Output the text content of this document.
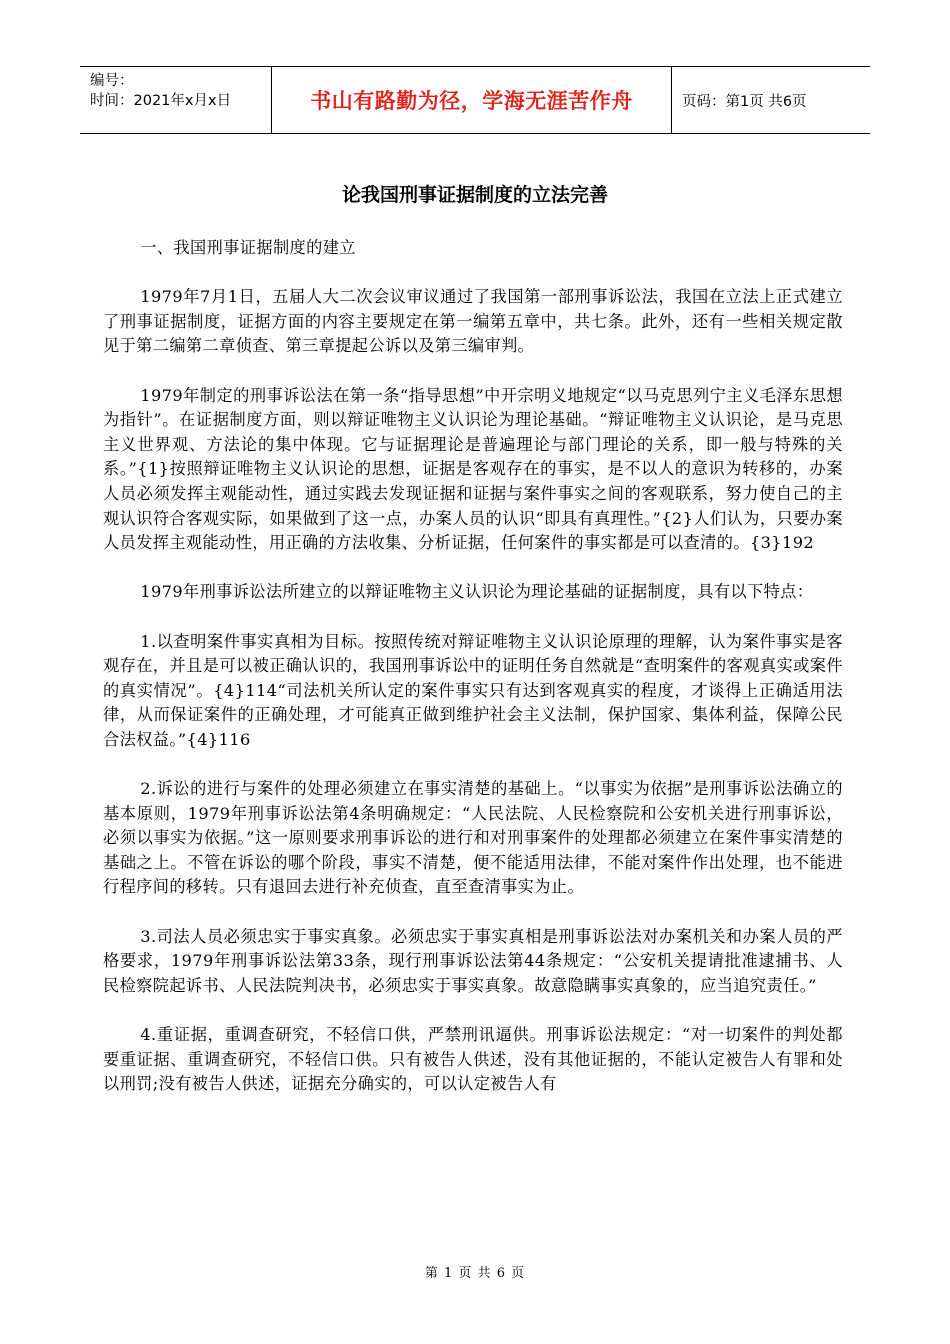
编号：
时间：2021年x月x日	书山有路勤为径，学海无涯苦作舟	页码：第1页 共6页
论我国刑事证据制度的立法完善

一、我国刑事证据制度的建立

1979年7月1日，五届人大二次会议审议通过了我国第一部刑事诉讼法，我国在立法上正式建立了刑事证据制度，证据方面的内容主要规定在第一编第五章中，共七条。此外，还有一些相关规定散见于第二编第二章侦查、第三章提起公诉以及第三编审判。

1979年制定的刑事诉讼法在第一条“指导思想”中开宗明义地规定“以马克思列宁主义毛泽东思想为指针”。在证据制度方面，则以辩证唯物主义认识论为理论基础。“辩证唯物主义认识论，是马克思主义世界观、方法论的集中体现。它与证据理论是普遍理论与部门理论的关系，即一般与特殊的关系。”{1}按照辩证唯物主义认识论的思想，证据是客观存在的事实，是不以人的意识为转移的，办案人员必须发挥主观能动性，通过实践去发现证据和证据与案件事实之间的客观联系，努力使自己的主观认识符合客观实际，如果做到了这一点，办案人员的认识“即具有真理性。”{2}人们认为，只要办案人员发挥主观能动性，用正确的方法收集、分析证据，任何案件的事实都是可以查清的。{3}192

1979年刑事诉讼法所建立的以辩证唯物主义认识论为理论基础的证据制度，具有以下特点：

1.以查明案件事实真相为目标。按照传统对辩证唯物主义认识论原理的理解，认为案件事实是客观存在，并且是可以被正确认识的，我国刑事诉讼中的证明任务自然就是“查明案件的客观真实或案件的真实情况”。{4}114“司法机关所认定的案件事实只有达到客观真实的程度，才谈得上正确适用法律，从而保证案件的正确处理，才可能真正做到维护社会主义法制，保护国家、集体利益，保障公民合法权益。”{4}116

2.诉讼的进行与案件的处理必须建立在事实清楚的基础上。“以事实为依据”是刑事诉讼法确立的基本原则，1979年刑事诉讼法第4条明确规定：“人民法院、人民检察院和公安机关进行刑事诉讼，必须以事实为依据。”这一原则要求刑事诉讼的进行和对刑事案件的处理都必须建立在案件事实清楚的基础之上。不管在诉讼的哪个阶段，事实不清楚，便不能适用法律，不能对案件作出处理，也不能进行程序间的移转。只有退回去进行补充侦查，直至查清事实为止。

3.司法人员必须忠实于事实真象。必须忠实于事实真相是刑事诉讼法对办案机关和办案人员的严格要求，1979年刑事诉讼法第33条，现行刑事诉讼法第44条规定：“公安机关提请批准逮捕书、人民检察院起诉书、人民法院判决书，必须忠实于事实真象。故意隐瞒事实真象的，应当追究责任。”

4.重证据，重调查研究，不轻信口供，严禁刑讯逼供。刑事诉讼法规定：“对一切案件的判处都要重证据、重调查研究，不轻信口供。只有被告人供述，没有其他证据的，不能认定被告人有罪和处以刑罚;没有被告人供述，证据充分确实的，可以认定被告人有

第 1 页 共 6 页
